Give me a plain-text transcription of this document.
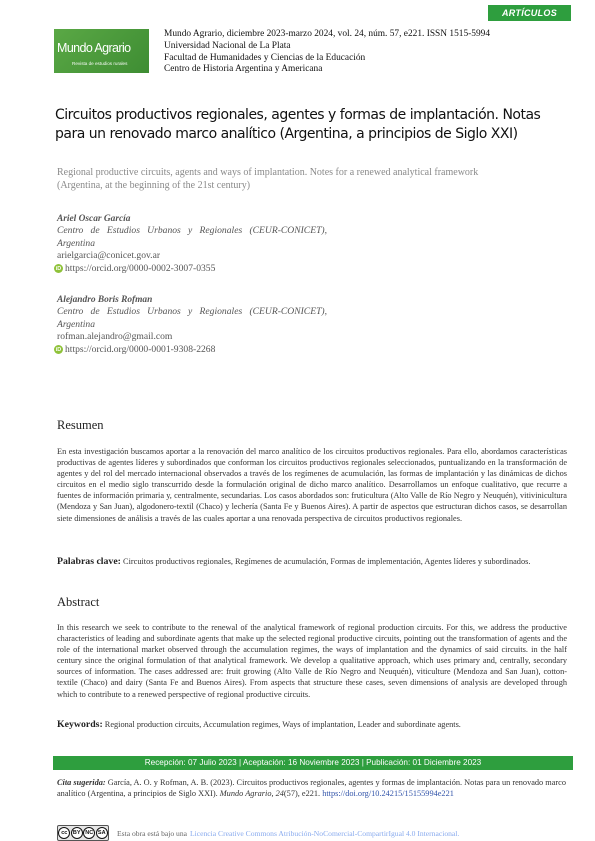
ARTÍCULOS
Mundo Agrario
Revista de estudios rurales
Mundo Agrario, diciembre 2023-marzo 2024, vol. 24, núm. 57, e221. ISSN 1515-5994
Universidad Nacional de La Plata
Facultad de Humanidades y Ciencias de la Educación
Centro de Historia Argentina y Americana
Circuitos productivos regionales, agentes y formas de implantación. Notas para un renovado marco analítico (Argentina, a principios de Siglo XXI)
Regional productive circuits, agents and ways of implantation. Notes for a renewed analytical framework (Argentina, at the beginning of the 21st century)
Ariel Oscar García
Centro de Estudios Urbanos y Regionales (CEUR-CONICET), Argentina
arielgarcia@conicet.gov.ar
iD https://orcid.org/0000-0002-3007-0355
Alejandro Boris Rofman
Centro de Estudios Urbanos y Regionales (CEUR-CONICET), Argentina
rofman.alejandro@gmail.com
iD https://orcid.org/0000-0001-9308-2268
Resumen
En esta investigación buscamos aportar a la renovación del marco analítico de los circuitos productivos regionales. Para ello, abordamos características productivas de agentes líderes y subordinados que conforman los circuitos productivos regionales seleccionados, puntualizando en la transformación de agentes y del rol del mercado internacional observados a través de los regímenes de acumulación, las formas de implantación y las dinámicas de dichos circuitos en el medio siglo transcurrido desde la formulación original de dicho marco analítico. Desarrollamos un enfoque cualitativo, que recurre a fuentes de información primaria y, centralmente, secundarias. Los casos abordados son: fruticultura (Alto Valle de Río Negro y Neuquén), vitivinicultura (Mendoza y San Juan), algodonero-textil (Chaco) y lechería (Santa Fe y Buenos Aires). A partir de aspectos que estructuran dichos casos, se desarrollan siete dimensiones de análisis a través de las cuales aportar a una renovada perspectiva de circuitos productivos regionales.
Palabras clave: Circuitos productivos regionales, Regímenes de acumulación, Formas de implementación, Agentes líderes y subordinados.
Abstract
In this research we seek to contribute to the renewal of the analytical framework of regional production circuits. For this, we address the productive characteristics of leading and subordinate agents that make up the selected regional productive circuits, pointing out the transformation of agents and the role of the international market observed through the accumulation regimes, the ways of implantation and the dynamics of said circuits. in the half century since the original formulation of that analytical framework. We develop a qualitative approach, which uses primary and, centrally, secondary sources of information. The cases addressed are: fruit growing (Alto Valle de Río Negro and Neuquén), viticulture (Mendoza and San Juan), cotton-textile (Chaco) and dairy (Santa Fe and Buenos Aires). From aspects that structure these cases, seven dimensions of analysis are developed through which to contribute to a renewed perspective of regional productive circuits.
Keywords: Regional production circuits, Accumulation regimes, Ways of implantation, Leader and subordinate agents.
Recepción: 07 Julio 2023 | Aceptación: 16 Noviembre 2023 | Publicación: 01 Diciembre 2023
Cita sugerida: García, A. O. y Rofman, A. B. (2023). Circuitos productivos regionales, agentes y formas de implantación. Notas para un renovado marco analítico (Argentina, a principios de Siglo XXI). Mundo Agrario, 24(57), e221. https://doi.org/10.24215/15155994e221
cc	BY NC SA Esta obra está bajo una Licencia Creative Commons Atribución-NoComercial-CompartirIgual 4.0 Internacional.
